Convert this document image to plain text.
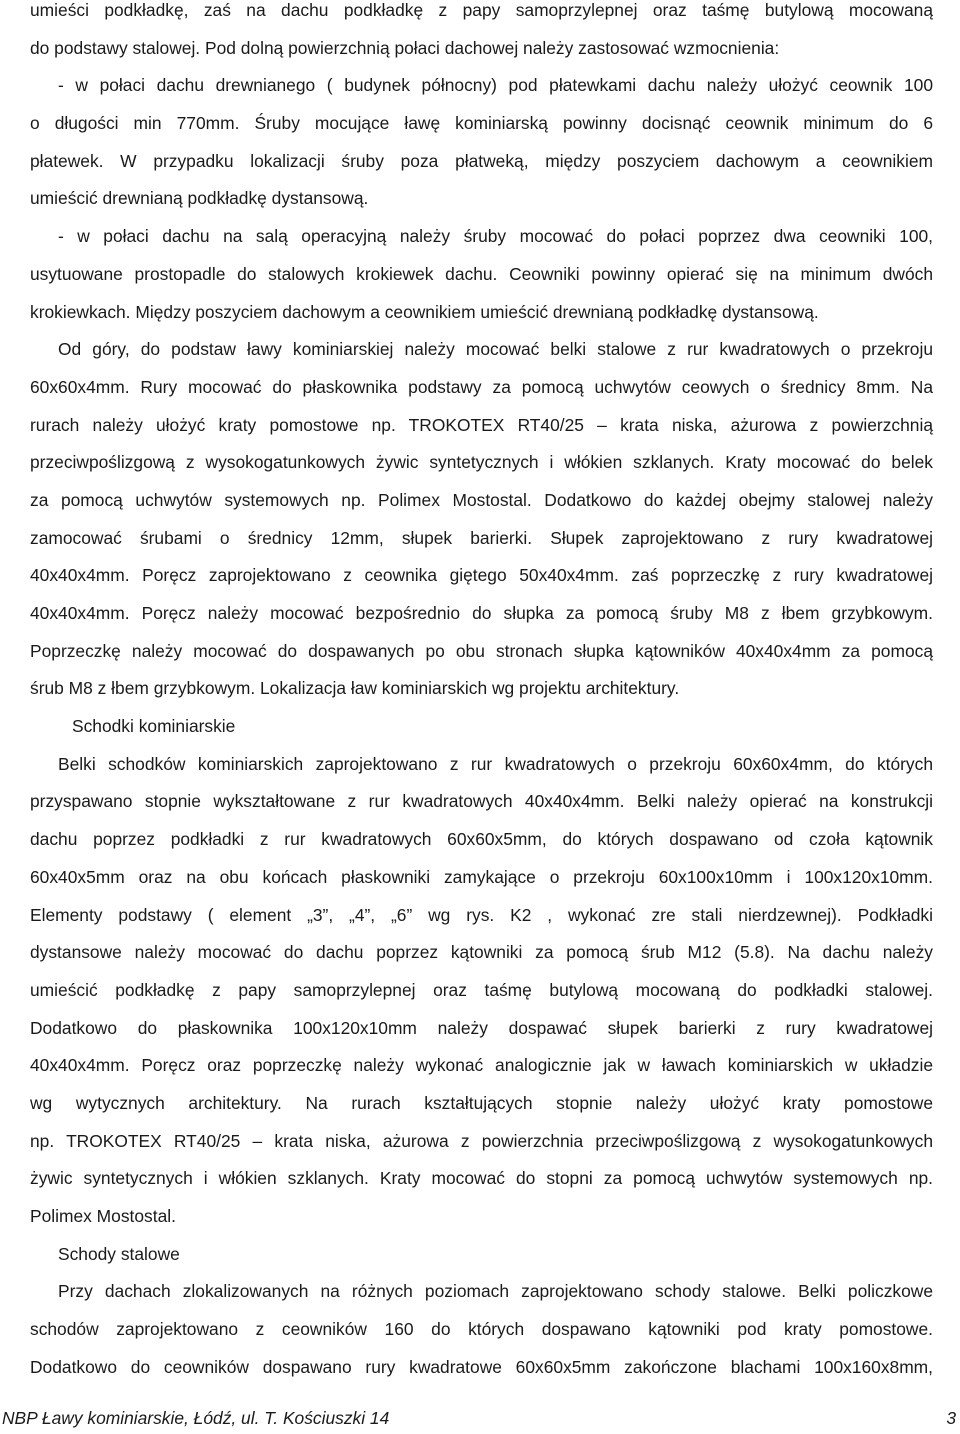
umieści podkładkę, zaś na dachu podkładkę z papy samoprzylepnej oraz taśmę butylową mocowaną
do podstawy stalowej. Pod dolną powierzchnią połaci dachowej należy zastosować wzmocnienia:
- w połaci dachu drewnianego ( budynek północny) pod płatewkami dachu należy ułożyć ceownik 100
o długości min 770mm. Śruby mocujące ławę kominiarską powinny docisnąć ceownik minimum do 6
płatewek. W przypadku lokalizacji śruby poza płatweką, między poszyciem dachowym a ceownikiem
umieścić drewnianą podkładkę dystansową.
- w połaci dachu na salą operacyjną należy śruby mocować do połaci poprzez dwa ceowniki 100,
usytuowane prostopadle do stalowych krokiewek dachu. Ceowniki powinny opierać się na minimum dwóch
krokiewkach. Między poszyciem dachowym a ceownikiem umieścić drewnianą podkładkę dystansową.
Od góry, do podstaw ławy kominiarskiej należy mocować belki stalowe z rur kwadratowych o przekroju
60x60x4mm. Rury mocować do płaskownika podstawy za pomocą uchwytów ceowych o średnicy 8mm. Na
rurach należy ułożyć kraty pomostowe np. TROKOTEX RT40/25 – krata niska, ażurowa z powierzchnią
przeciwpoślizgową z wysokogatunkowych żywic syntetycznych i włókien szklanych. Kraty mocować do belek
za pomocą uchwytów systemowych np. Polimex Mostostal. Dodatkowo do każdej obejmy stalowej należy
zamocować śrubami o średnicy 12mm, słupek barierki. Słupek zaprojektowano z rury kwadratowej
40x40x4mm. Poręcz zaprojektowano z ceownika giętego 50x40x4mm. zaś poprzeczkę z rury kwadratowej
40x40x4mm. Poręcz należy mocować bezpośrednio do słupka za pomocą śruby M8 z łbem grzybkowym.
Poprzeczkę należy mocować do dospawanych po obu stronach słupka kątowników 40x40x4mm za pomocą
śrub M8 z łbem grzybkowym. Lokalizacja ław kominiarskich wg projektu architektury.
Schodki kominiarskie
Belki schodków kominiarskich zaprojektowano z rur kwadratowych o przekroju 60x60x4mm, do których
przyspawano stopnie wykształtowane z rur kwadratowych 40x40x4mm. Belki należy opierać na konstrukcji
dachu poprzez podkładki z rur kwadratowych 60x60x5mm, do których dospawano od czoła kątownik
60x40x5mm oraz na obu końcach płaskowniki zamykające o przekroju 60x100x10mm i 100x120x10mm.
Elementy podstawy ( element „3”, „4”, „6” wg rys. K2 , wykonać zre stali nierdzewnej). Podkładki
dystansowe należy mocować do dachu poprzez kątowniki za pomocą śrub M12 (5.8). Na dachu należy
umieścić podkładkę z papy samoprzylepnej oraz taśmę butylową mocowaną do podkładki stalowej.
Dodatkowo do płaskownika 100x120x10mm należy dospawać słupek barierki z rury kwadratowej
40x40x4mm. Poręcz oraz poprzeczkę należy wykonać analogicznie jak w ławach kominiarskich w układzie
wg wytycznych architektury. Na rurach kształtujących stopnie należy ułożyć kraty pomostowe
np. TROKOTEX RT40/25 – krata niska, ażurowa z powierzchnia przeciwpoślizgową z wysokogatunkowych
żywic syntetycznych i włókien szklanych. Kraty mocować do stopni za pomocą uchwytów systemowych np.
Polimex Mostostal.
Schody stalowe
Przy dachach zlokalizowanych na różnych poziomach zaprojektowano schody stalowe. Belki policzkowe
schodów zaprojektowano z ceowników 160 do których dospawano kątowniki pod kraty pomostowe.
Dodatkowo do ceowników dospawano rury kwadratowe 60x60x5mm zakończone blachami 100x160x8mm,
NBP Ławy kominiarskie, Łódź, ul. T. Kościuszki 14	3
